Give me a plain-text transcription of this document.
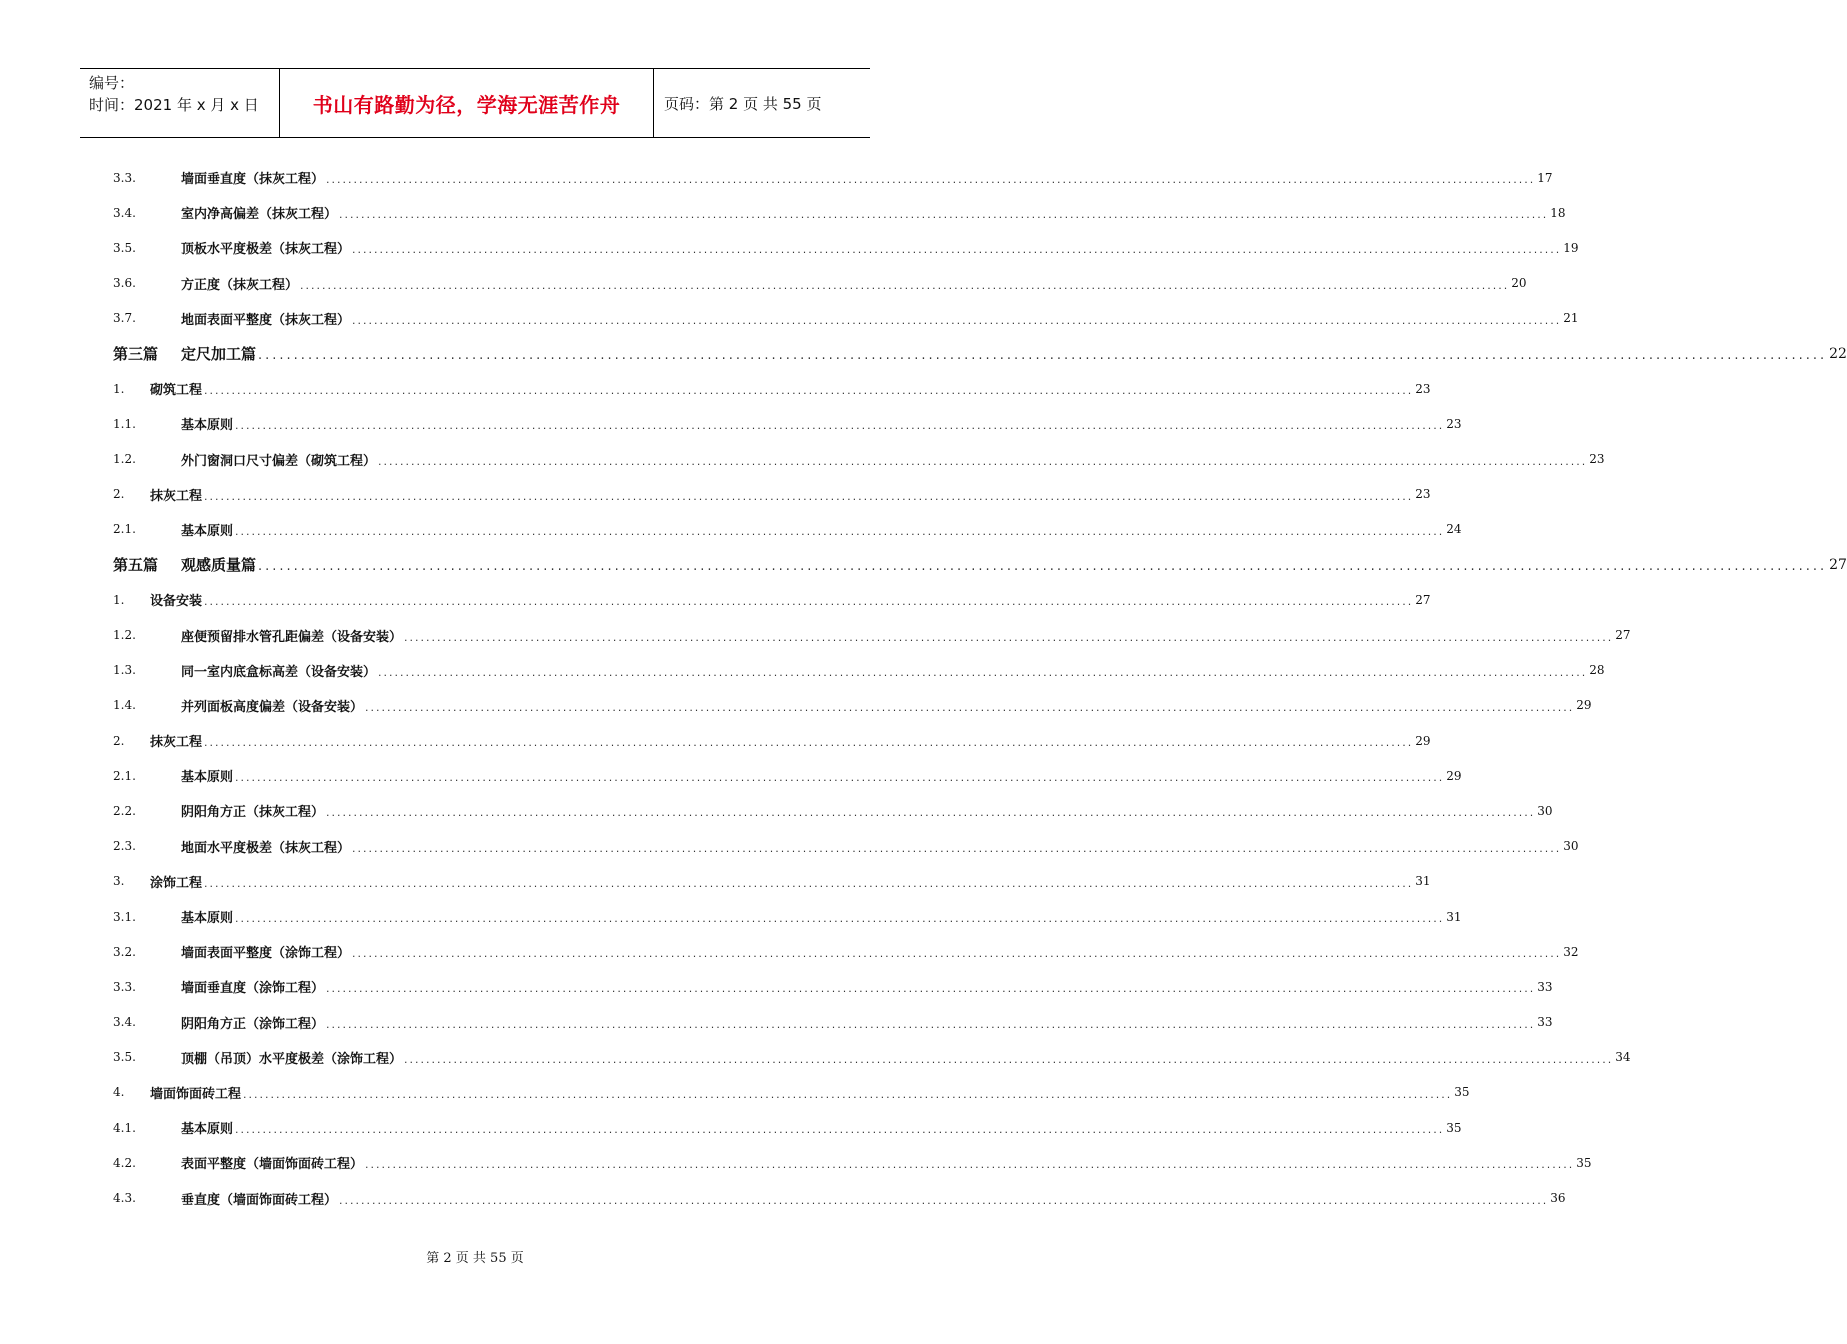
编号：
时间：2021 年 x 月 x 日	书山有路勤为径，学海无涯苦作舟	页码：第 2 页 共 55 页
3.3.	墙面垂直度（抹灰工程） ............................................................................................................................................................................................................................ 17
3.4.	室内净高偏差（抹灰工程） ............................................................................................................................................................................................................................ 18
3.5.	顶板水平度极差（抹灰工程） ............................................................................................................................................................................................................................ 19
3.6.	方正度（抹灰工程） ............................................................................................................................................................................................................................ 20
3.7.	地面表面平整度（抹灰工程） ............................................................................................................................................................................................................................ 21
第三篇	定尺加工篇 ............................................................................................................................................................................................................................ 22
1.	砌筑工程 ............................................................................................................................................................................................................................ 23
1.1.	基本原则 ............................................................................................................................................................................................................................ 23
1.2.	外门窗洞口尺寸偏差（砌筑工程） ............................................................................................................................................................................................................................ 23
2.	抹灰工程 ............................................................................................................................................................................................................................ 23
2.1.	基本原则 ............................................................................................................................................................................................................................ 24
第五篇	观感质量篇 ............................................................................................................................................................................................................................ 27
1.	设备安装 ............................................................................................................................................................................................................................ 27
1.2.	座便预留排水管孔距偏差（设备安装） ............................................................................................................................................................................................................................ 27
1.3.	同一室内底盒标高差（设备安装） ............................................................................................................................................................................................................................ 28
1.4.	并列面板高度偏差（设备安装） ............................................................................................................................................................................................................................ 29
2.	抹灰工程 ............................................................................................................................................................................................................................ 29
2.1.	基本原则 ............................................................................................................................................................................................................................ 29
2.2.	阴阳角方正（抹灰工程） ............................................................................................................................................................................................................................ 30
2.3.	地面水平度极差（抹灰工程） ............................................................................................................................................................................................................................ 30
3.	涂饰工程 ............................................................................................................................................................................................................................ 31
3.1.	基本原则 ............................................................................................................................................................................................................................ 31
3.2.	墙面表面平整度（涂饰工程） ............................................................................................................................................................................................................................ 32
3.3.	墙面垂直度（涂饰工程） ............................................................................................................................................................................................................................ 33
3.4.	阴阳角方正（涂饰工程） ............................................................................................................................................................................................................................ 33
3.5.	顶棚（吊顶）水平度极差（涂饰工程） ............................................................................................................................................................................................................................ 34
4.	墙面饰面砖工程 ............................................................................................................................................................................................................................ 35
4.1.	基本原则 ............................................................................................................................................................................................................................ 35
4.2.	表面平整度（墙面饰面砖工程） ............................................................................................................................................................................................................................ 35
4.3.	垂直度（墙面饰面砖工程） ............................................................................................................................................................................................................................ 36
第 2 页 共 55 页
